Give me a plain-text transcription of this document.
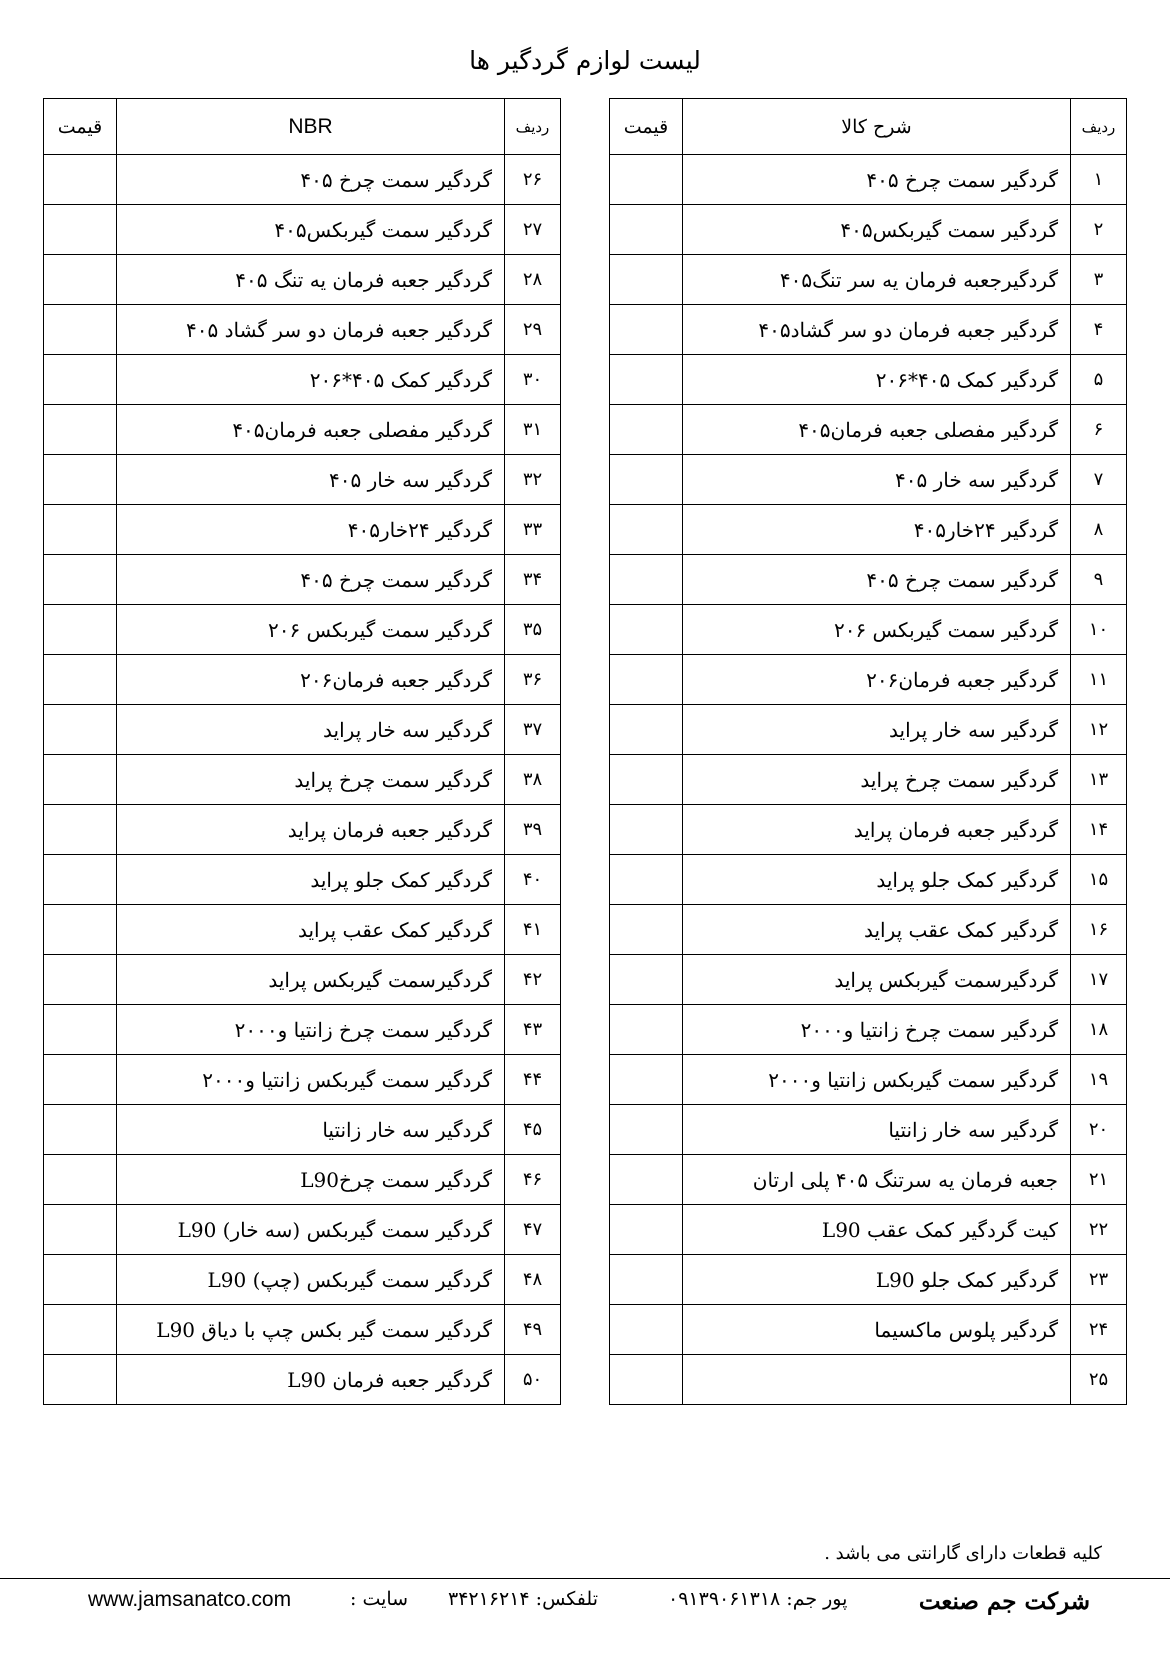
لیست لوازم گردگیر ها
ردیف	شرح کالا	قیمت
۱	گردگیر سمت چرخ ۴۰۵	
۲	گردگیر سمت گیربکس۴۰۵	
۳	گردگیرجعبه فرمان یه سر تنگ۴۰۵	
۴	گردگیر جعبه فرمان دو سر گشاد۴۰۵	
۵	گردگیر کمک ۴۰۵*۲۰۶	
۶	گردگیر مفصلی جعبه فرمان۴۰۵	
۷	گردگیر سه خار ۴۰۵	
۸	گردگیر ۲۴خار۴۰۵	
۹	گردگیر سمت چرخ ۴۰۵	
۱۰	گردگیر سمت گیربکس ۲۰۶	
۱۱	گردگیر جعبه فرمان۲۰۶	
۱۲	گردگیر سه خار پراید	
۱۳	گردگیر سمت چرخ پراید	
۱۴	گردگیر جعبه فرمان پراید	
۱۵	گردگیر کمک جلو پراید	
۱۶	گردگیر کمک عقب پراید	
۱۷	گردگیرسمت گیربکس پراید	
۱۸	گردگیر سمت چرخ زانتیا و۲۰۰۰	
۱۹	گردگیر سمت گیربکس زانتیا و۲۰۰۰	
۲۰	گردگیر سه خار زانتیا	
۲۱	جعبه فرمان یه سرتنگ ۴۰۵ پلی ارتان	
۲۲	کیت گردگیر کمک عقب L90	
۲۳	گردگیر کمک جلو L90	
۲۴	گردگیر پلوس ماکسیما	
۲۵		
ردیف	NBR	قیمت
۲۶	گردگیر سمت چرخ ۴۰۵	
۲۷	گردگیر سمت گیربکس۴۰۵	
۲۸	گردگیر جعبه فرمان یه تنگ ۴۰۵	
۲۹	گردگیر جعبه فرمان دو سر گشاد ۴۰۵	
۳۰	گردگیر کمک ۴۰۵*۲۰۶	
۳۱	گردگیر مفصلی جعبه فرمان۴۰۵	
۳۲	گردگیر سه خار ۴۰۵	
۳۳	گردگیر ۲۴خار۴۰۵	
۳۴	گردگیر سمت چرخ ۴۰۵	
۳۵	گردگیر سمت گیربکس ۲۰۶	
۳۶	گردگیر جعبه فرمان۲۰۶	
۳۷	گردگیر سه خار پراید	
۳۸	گردگیر سمت چرخ پراید	
۳۹	گردگیر جعبه فرمان پراید	
۴۰	گردگیر کمک جلو پراید	
۴۱	گردگیر کمک عقب پراید	
۴۲	گردگیرسمت گیربکس پراید	
۴۳	گردگیر سمت چرخ زانتیا و۲۰۰۰	
۴۴	گردگیر سمت گیربکس زانتیا و۲۰۰۰	
۴۵	گردگیر سه خار زانتیا	
۴۶	گردگیر سمت چرخL90	
۴۷	گردگیر سمت گیربکس (سه خار) L90	
۴۸	گردگیر سمت گیربکس (چپ) L90	
۴۹	گردگیر سمت گیر بکس چپ با دیاق L90	
۵۰	گردگیر جعبه فرمان L90	
کلیه قطعات دارای گارانتی می باشد .
شرکت جم صنعت
پور جم: ۰۹۱۳۹۰۶۱۳۱۸
تلفکس: ۳۴۲۱۶۲۱۴
سایت :
www.jamsanatco.com
